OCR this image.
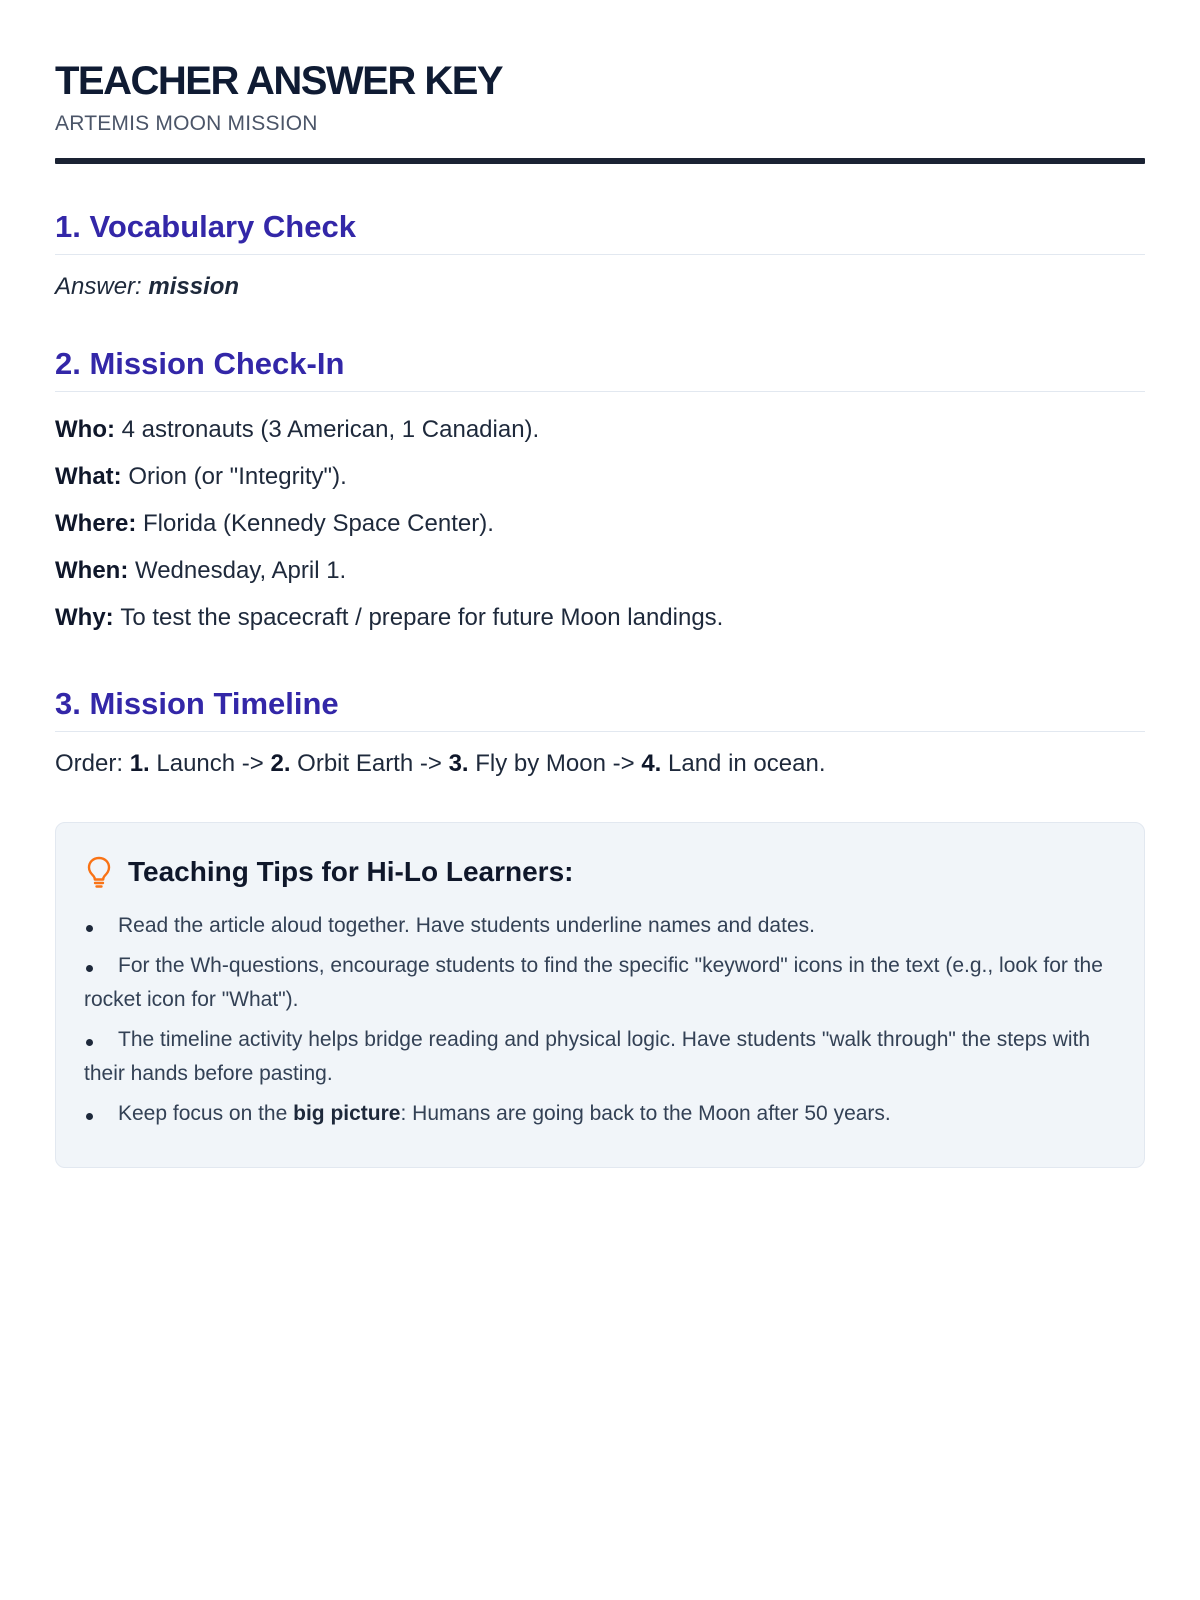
TEACHER ANSWER KEY
ARTEMIS MOON MISSION
1. Vocabulary Check
Answer: mission
2. Mission Check-In
Who: 4 astronauts (3 American, 1 Canadian).
What: Orion (or "Integrity").
Where: Florida (Kennedy Space Center).
When: Wednesday, April 1.
Why: To test the spacecraft / prepare for future Moon landings.
3. Mission Timeline
Order: 1. Launch -> 2. Orbit Earth -> 3. Fly by Moon -> 4. Land in ocean.
Teaching Tips for Hi-Lo Learners:
Read the article aloud together. Have students underline names and dates.
For the Wh-questions, encourage students to find the specific "keyword" icons in the text (e.g., look for the rocket icon for "What").
The timeline activity helps bridge reading and physical logic. Have students "walk through" the steps with their hands before pasting.
Keep focus on the big picture: Humans are going back to the Moon after 50 years.
